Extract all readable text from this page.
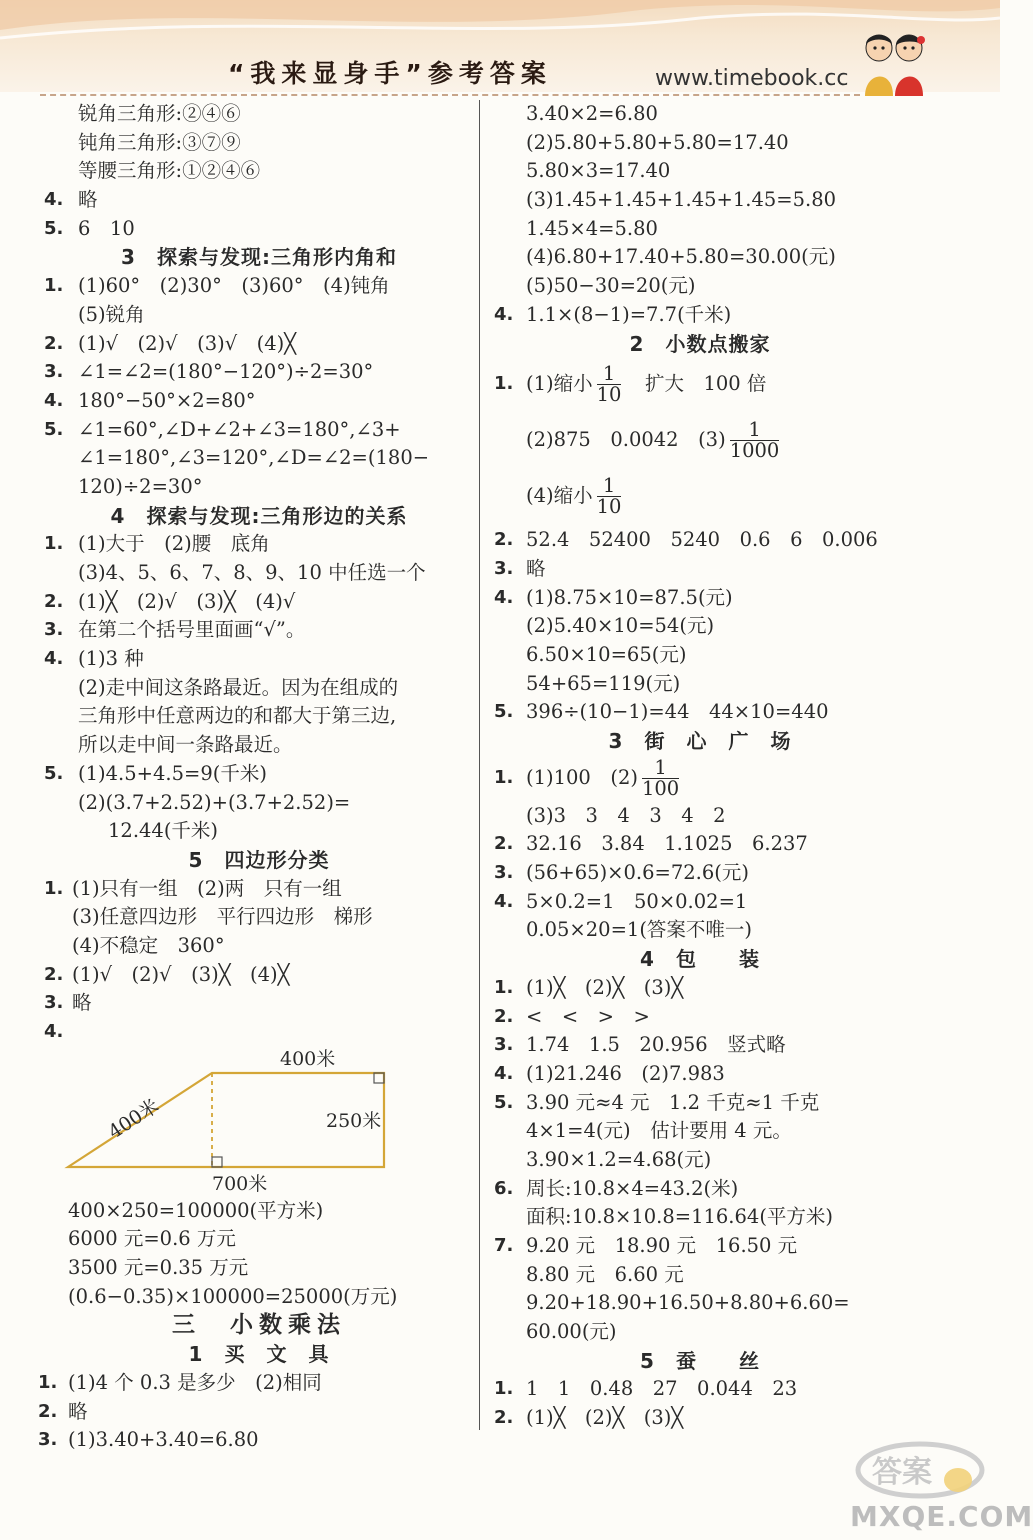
“我来显身手”参考答案	www.timebook.cc
锐角三角形:②④⑥
钝角三角形:③⑦⑨
等腰三角形:①②④⑥
4. 略
5. 6　10
3　探索与发现:三角形内角和
1. (1)60°　(2)30°　(3)60°　(4)钝角
(5)锐角
2. (1)√　(2)√　(3)√　(4)╳
3. ∠1=∠2=(180°−120°)÷2=30°
4. 180°−50°×2=80°
5. ∠1=60°,∠D+∠2+∠3=180°,∠3+
∠1=180°,∠3=120°,∠D=∠2=(180−
120)÷2=30°
4　探索与发现:三角形边的关系
1. (1)大于　(2)腰　底角
(3)4、5、6、7、8、9、10 中任选一个
2. (1)╳　(2)√　(3)╳　(4)√
3. 在第二个括号里面画“√”。
4. (1)3 种
(2)走中间这条路最近。因为在组成的
三角形中任意两边的和都大于第三边,
所以走中间一条路最近。
5. (1)4.5+4.5=9(千米)
(2)(3.7+2.52)+(3.7+2.52)=
12.44(千米)
5　四边形分类
1. (1)只有一组　(2)两　只有一组
(3)任意四边形　平行四边形　梯形
(4)不稳定　360°
2. (1)√　(2)√　(3)╳　(4)╳
3. 略
4.
400米
400米	250米
700米
400×250=100000(平方米)
6000 元=0.6 万元
3500 元=0.35 万元
(0.6−0.35)×100000=25000(万元)
三　小数乘法
1　买　文　具
1. (1)4 个 0.3 是多少　(2)相同
2. 略
3. (1)3.40+3.40=6.80
3.40×2=6.80
(2)5.80+5.80+5.80=17.40
5.80×3=17.40
(3)1.45+1.45+1.45+1.45=5.80
1.45×4=5.80
(4)6.80+17.40+5.80=30.00(元)
(5)50−30=20(元)
4. 1.1×(8−1)=7.7(千米)
2　小数点搬家
1. (1)缩小 $\frac{1}{10}$
　 扩大　100 倍
(2)875　0.0042　$(3) \frac{1}{1000}$
(4)缩小 $\frac{1}{10}$
2. 52.4　52400　5240　0.6　6　0.006
3. 略
4. (1)8.75×10=87.5(元)
(2)5.40×10=54(元)
6.50×10=65(元)
54+65=119(元)
5. 396÷(10−1)=44　44×10=440
3　街　心　广　场
1. (1)100　$(2) \frac{1}{100}$
(3)3　3　4　3　4　2
2. 32.16　3.84　1.1025　6.237
3. (56+65)×0.6=72.6(元)
4. 5×0.2=1　50×0.02=1
0.05×20=1(答案不唯一)
4　包　　装
1. (1)╳　(2)╳　(3)╳
2. <　<　>　>
3. 1.74　1.5　20.956　竖式略
4. (1)21.246　(2)7.983
5. 3.90 元≈4 元　1.2 千克≈1 千克
4×1=4(元)　估计要用 4 元。
3.90×1.2=4.68(元)
6. 周长:10.8×4=43.2(米)
面积:10.8×10.8=116.64(平方米)
7. 9.20 元　18.90 元　16.50 元
8.80 元　6.60 元
9.20+18.90+16.50+8.80+6.60=
60.00(元)
5　蚕　　丝
1. 1　1　0.48　27　0.044　23
2. (1)╳　(2)╳　(3)╳
答案
MXQE.COM
